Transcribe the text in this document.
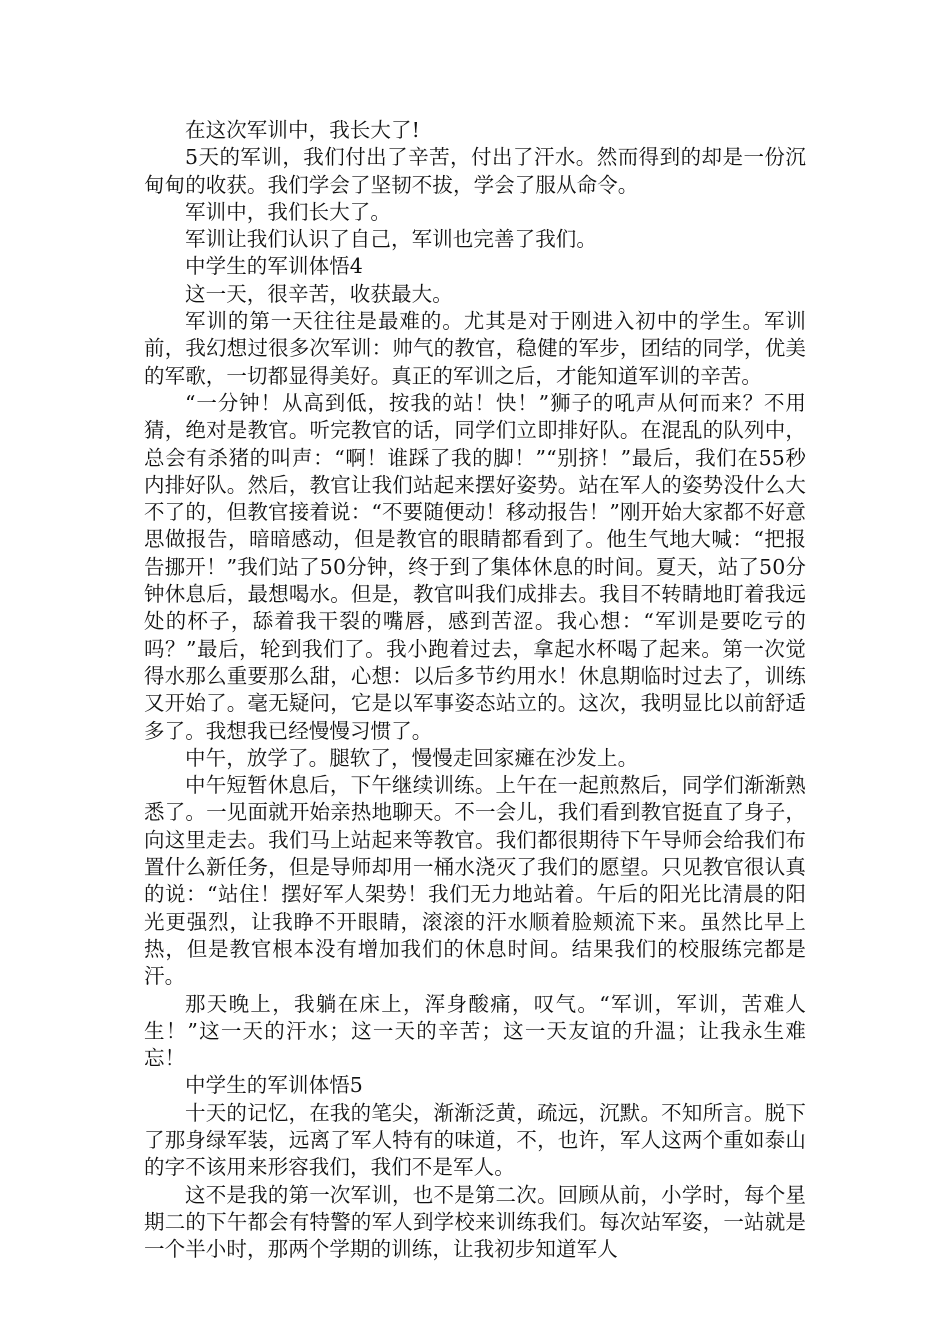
在这次军训中，我长大了!

5天的军训，我们付出了辛苦，付出了汗水。然而得到的却是一份沉甸甸的收获。我们学会了坚韧不拔，学会了服从命令。

军训中，我们长大了。

军训让我们认识了自己，军训也完善了我们。

中学生的军训体悟4

这一天，很辛苦，收获最大。

军训的第一天往往是最难的。尤其是对于刚进入初中的学生。军训前，我幻想过很多次军训：帅气的教官，稳健的军步，团结的同学，优美的军歌，一切都显得美好。真正的军训之后，才能知道军训的辛苦。

“一分钟！从高到低，按我的站！快！”狮子的吼声从何而来？不用猜，绝对是教官。听完教官的话，同学们立即排好队。在混乱的队列中，总会有杀猪的叫声：“啊！谁踩了我的脚！”“别挤！”最后，我们在55秒内排好队。然后，教官让我们站起来摆好姿势。站在军人的姿势没什么大不了的，但教官接着说：“不要随便动！移动报告！”刚开始大家都不好意思做报告，暗暗感动，但是教官的眼睛都看到了。他生气地大喊：“把报告挪开！”我们站了50分钟，终于到了集体休息的时间。夏天，站了50分钟休息后，最想喝水。但是，教官叫我们成排去。我目不转睛地盯着我远处的杯子，舔着我干裂的嘴唇，感到苦涩。我心想：“军训是要吃亏的吗？”最后，轮到我们了。我小跑着过去，拿起水杯喝了起来。第一次觉得水那么重要那么甜，心想：以后多节约用水！休息期临时过去了，训练又开始了。毫无疑问，它是以军事姿态站立的。这次，我明显比以前舒适多了。我想我已经慢慢习惯了。

中午，放学了。腿软了，慢慢走回家瘫在沙发上。

中午短暂休息后，下午继续训练。上午在一起煎熬后，同学们渐渐熟悉了。一见面就开始亲热地聊天。不一会儿，我们看到教官挺直了身子，向这里走去。我们马上站起来等教官。我们都很期待下午导师会给我们布置什么新任务，但是导师却用一桶水浇灭了我们的愿望。只见教官很认真的说：“站住！摆好军人架势！我们无力地站着。午后的阳光比清晨的阳光更强烈，让我睁不开眼睛，滚滚的汗水顺着脸颊流下来。虽然比早上热，但是教官根本没有增加我们的休息时间。结果我们的校服练完都是汗。

那天晚上，我躺在床上，浑身酸痛，叹气。“军训，军训，苦难人生！”这一天的汗水；这一天的辛苦；这一天友谊的升温；让我永生难忘！

中学生的军训体悟5

十天的记忆，在我的笔尖，渐渐泛黄，疏远，沉默。不知所言。脱下了那身绿军装，远离了军人特有的味道，不，也许，军人这两个重如泰山的字不该用来形容我们，我们不是军人。

这不是我的第一次军训，也不是第二次。回顾从前，小学时，每个星期二的下午都会有特警的军人到学校来训练我们。每次站军姿，一站就是一个半小时，那两个学期的训练，让我初步知道军人
